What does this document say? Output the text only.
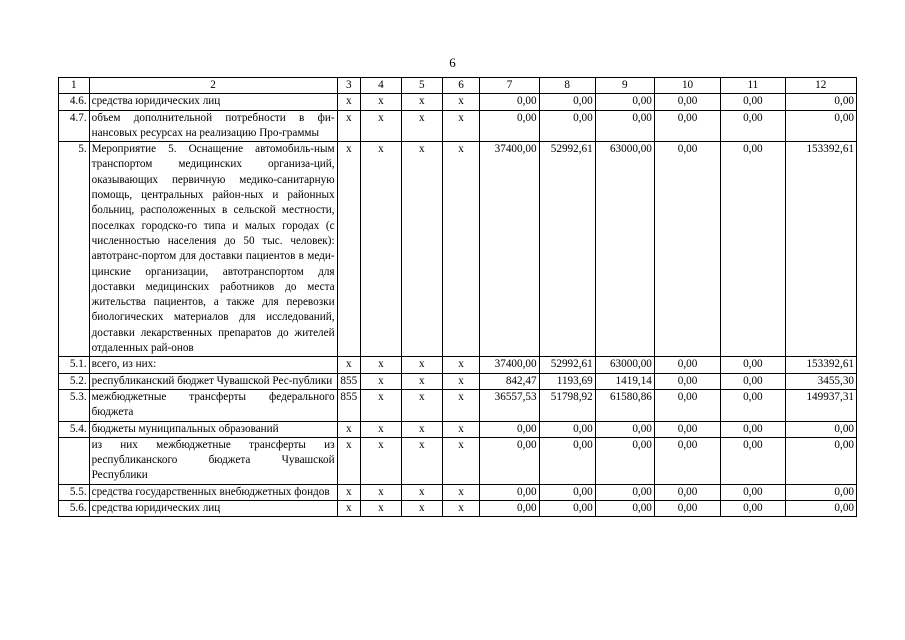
6
1	2	3	4	5	6	7	8	9	10	11	12
4.6.	средства юридических лиц	х	х	х	х	0,00	0,00	0,00	0,00	0,00	0,00
4.7.	объем дополнительной потребности в фи-нансовых ресурсах на реализацию Про-граммы	х	х	х	х	0,00	0,00	0,00	0,00	0,00	0,00
5.	Мероприятие 5. Оснащение автомобиль-ным транспортом медицинских организа-ций, оказывающих первичную медико-санитарную помощь, центральных район-ных и районных больниц, расположенных в сельской местности, поселках городско-го типа и малых городах (с численностью населения до 50 тыс. человек): автотранс-портом для доставки пациентов в меди-цинские организации, автотранспортом для доставки медицинских работников до места жительства пациентов, а также для перевозки биологических материалов для исследований, доставки лекарственных препаратов до жителей отдаленных рай-онов	х	х	х	х	37400,00	52992,61	63000,00	0,00	0,00	153392,61
5.1.	всего, из них:	х	х	х	х	37400,00	52992,61	63000,00	0,00	0,00	153392,61
5.2.	республиканский бюджет Чувашской Рес-публики	855	х	х	х	842,47	1193,69	1419,14	0,00	0,00	3455,30
5.3.	межбюджетные трансферты федерального бюджета	855	х	х	х	36557,53	51798,92	61580,86	0,00	0,00	149937,31
5.4.	бюджеты муниципальных образований	х	х	х	х	0,00	0,00	0,00	0,00	0,00	0,00
	из них межбюджетные трансферты из республиканского бюджета Чувашской Республики	х	х	х	х	0,00	0,00	0,00	0,00	0,00	0,00
5.5.	средства государственных внебюджетных фондов	х	х	х	х	0,00	0,00	0,00	0,00	0,00	0,00
5.6.	средства юридических лиц	х	х	х	х	0,00	0,00	0,00	0,00	0,00	0,00
